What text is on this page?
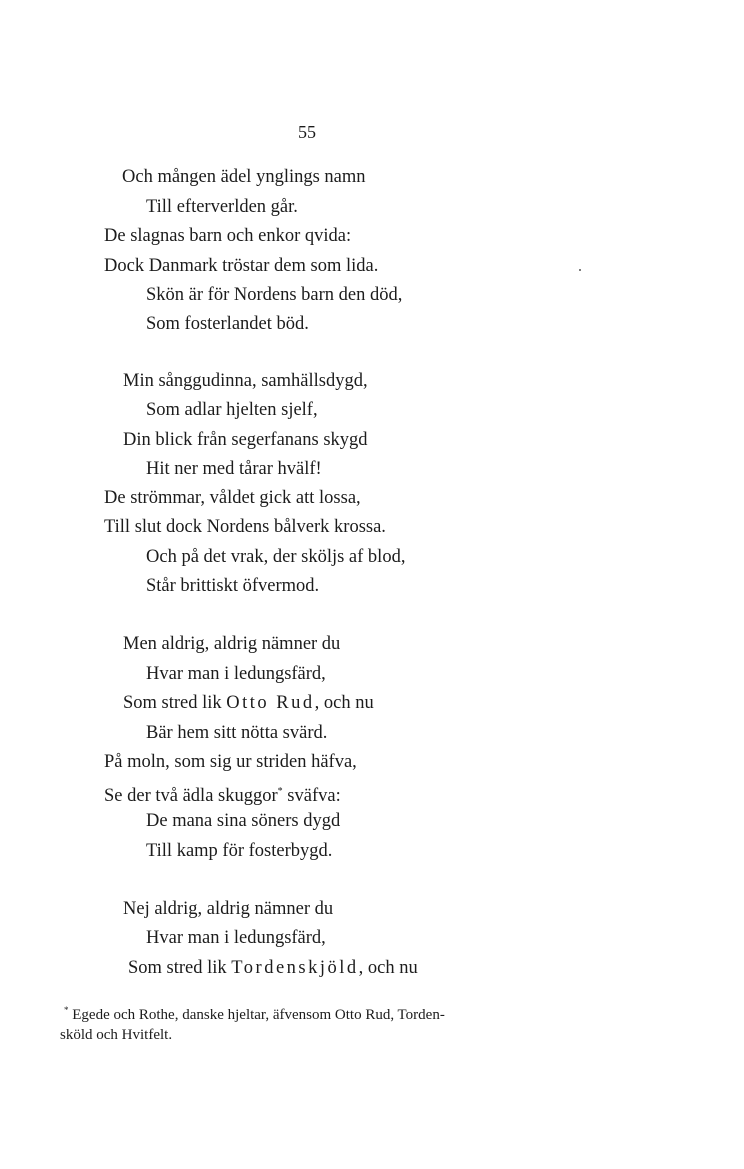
55
Och mången ädel ynglings namn
Till efterverlden går.
De slagnas barn och enkor qvida:
Dock Danmark tröstar dem som lida.
Skön är för Nordens barn den död,
Som fosterlandet böd.
Min sånggudinna, samhällsdygd,
Som adlar hjelten sjelf,
Din blick från segerfanans skygd
Hit ner med tårar hvälf!
De strömmar, våldet gick att lossa,
Till slut dock Nordens bålverk krossa.
Och på det vrak, der sköljs af blod,
Står brittiskt öfvermod.
Men aldrig, aldrig nämner du
Hvar man i ledungsfärd,
Som stred lik Otto Rud, och nu
Bär hem sitt nötta svärd.
På moln, som sig ur striden häfva,
Se der två ädla skuggor* sväfva:
De mana sina söners dygd
Till kamp för fosterbygd.
Nej aldrig, aldrig nämner du
Hvar man i ledungsfärd,
Som stred lik Tordenskjöld, och nu
* Egede och Rothe, danske hjeltar, äfvensom Otto Rud, Torden-
sköld och Hvitfelt.
